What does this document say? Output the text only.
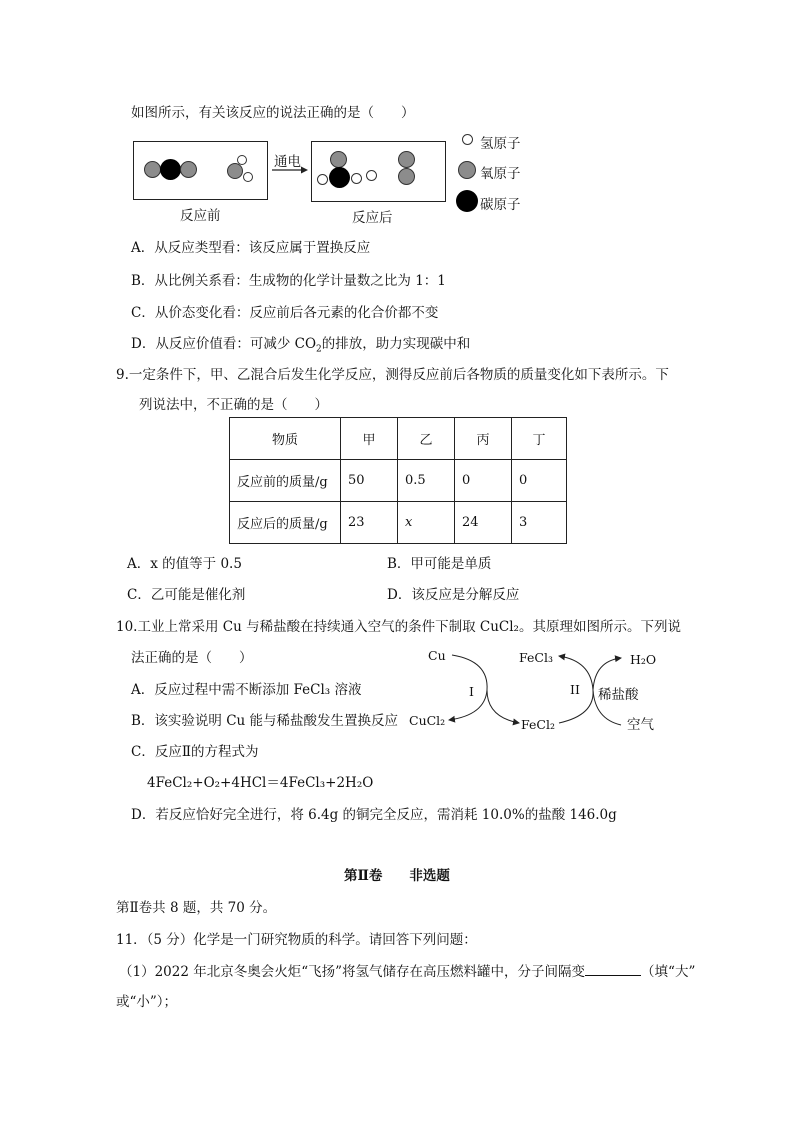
如图所示，有关该反应的说法正确的是（　　）
反应前
通电
反应后
氢原子
氧原子
碳原子
A．从反应类型看：该反应属于置换反应
B．从比例关系看：生成物的化学计量数之比为 1：1
C．从价态变化看：反应前后各元素的化合价都不变
D．从反应价值看：可减少 $CO_2$的排放，助力实现碳中和
9.一定条件下，甲、乙混合后发生化学反应，测得反应前后各物质的质量变化如下表所示。下
列说法中，不正确的是（　　）
物质	甲	乙	丙	丁
反应前的质量/g	50	0.5	0	0
反应后的质量/g	23	x	24	3
A．x 的值等于 0.5	B．甲可能是单质
C．乙可能是催化剂	D．该反应是分解反应
10.工业上常采用 Cu 与稀盐酸在持续通入空气的条件下制取 CuCl₂。其原理如图所示。下列说
法正确的是（　　）	Cu	FeCl₃
CuCl₂	FeCl₂
H₂O
稀盐酸
空气
I	II
A．反应过程中需不断添加 FeCl₃ 溶液
B．该实验说明 Cu 能与稀盐酸发生置换反应
C．反应Ⅱ的方程式为
4FeCl₂+O₂+4HCl＝4FeCl₃+2H₂O
D．若反应恰好完全进行，将 6.4g 的铜完全反应，需消耗 10.0%的盐酸 146.0g
第Ⅱ卷　　非选题
第Ⅱ卷共 8 题，共 70 分。
11．（5 分）化学是一门研究物质的科学。请回答下列问题：
（1）2022 年北京冬奥会火炬“飞扬”将氢气储存在高压燃料罐中，分子间隔变	（填“大”
或“小”）；
